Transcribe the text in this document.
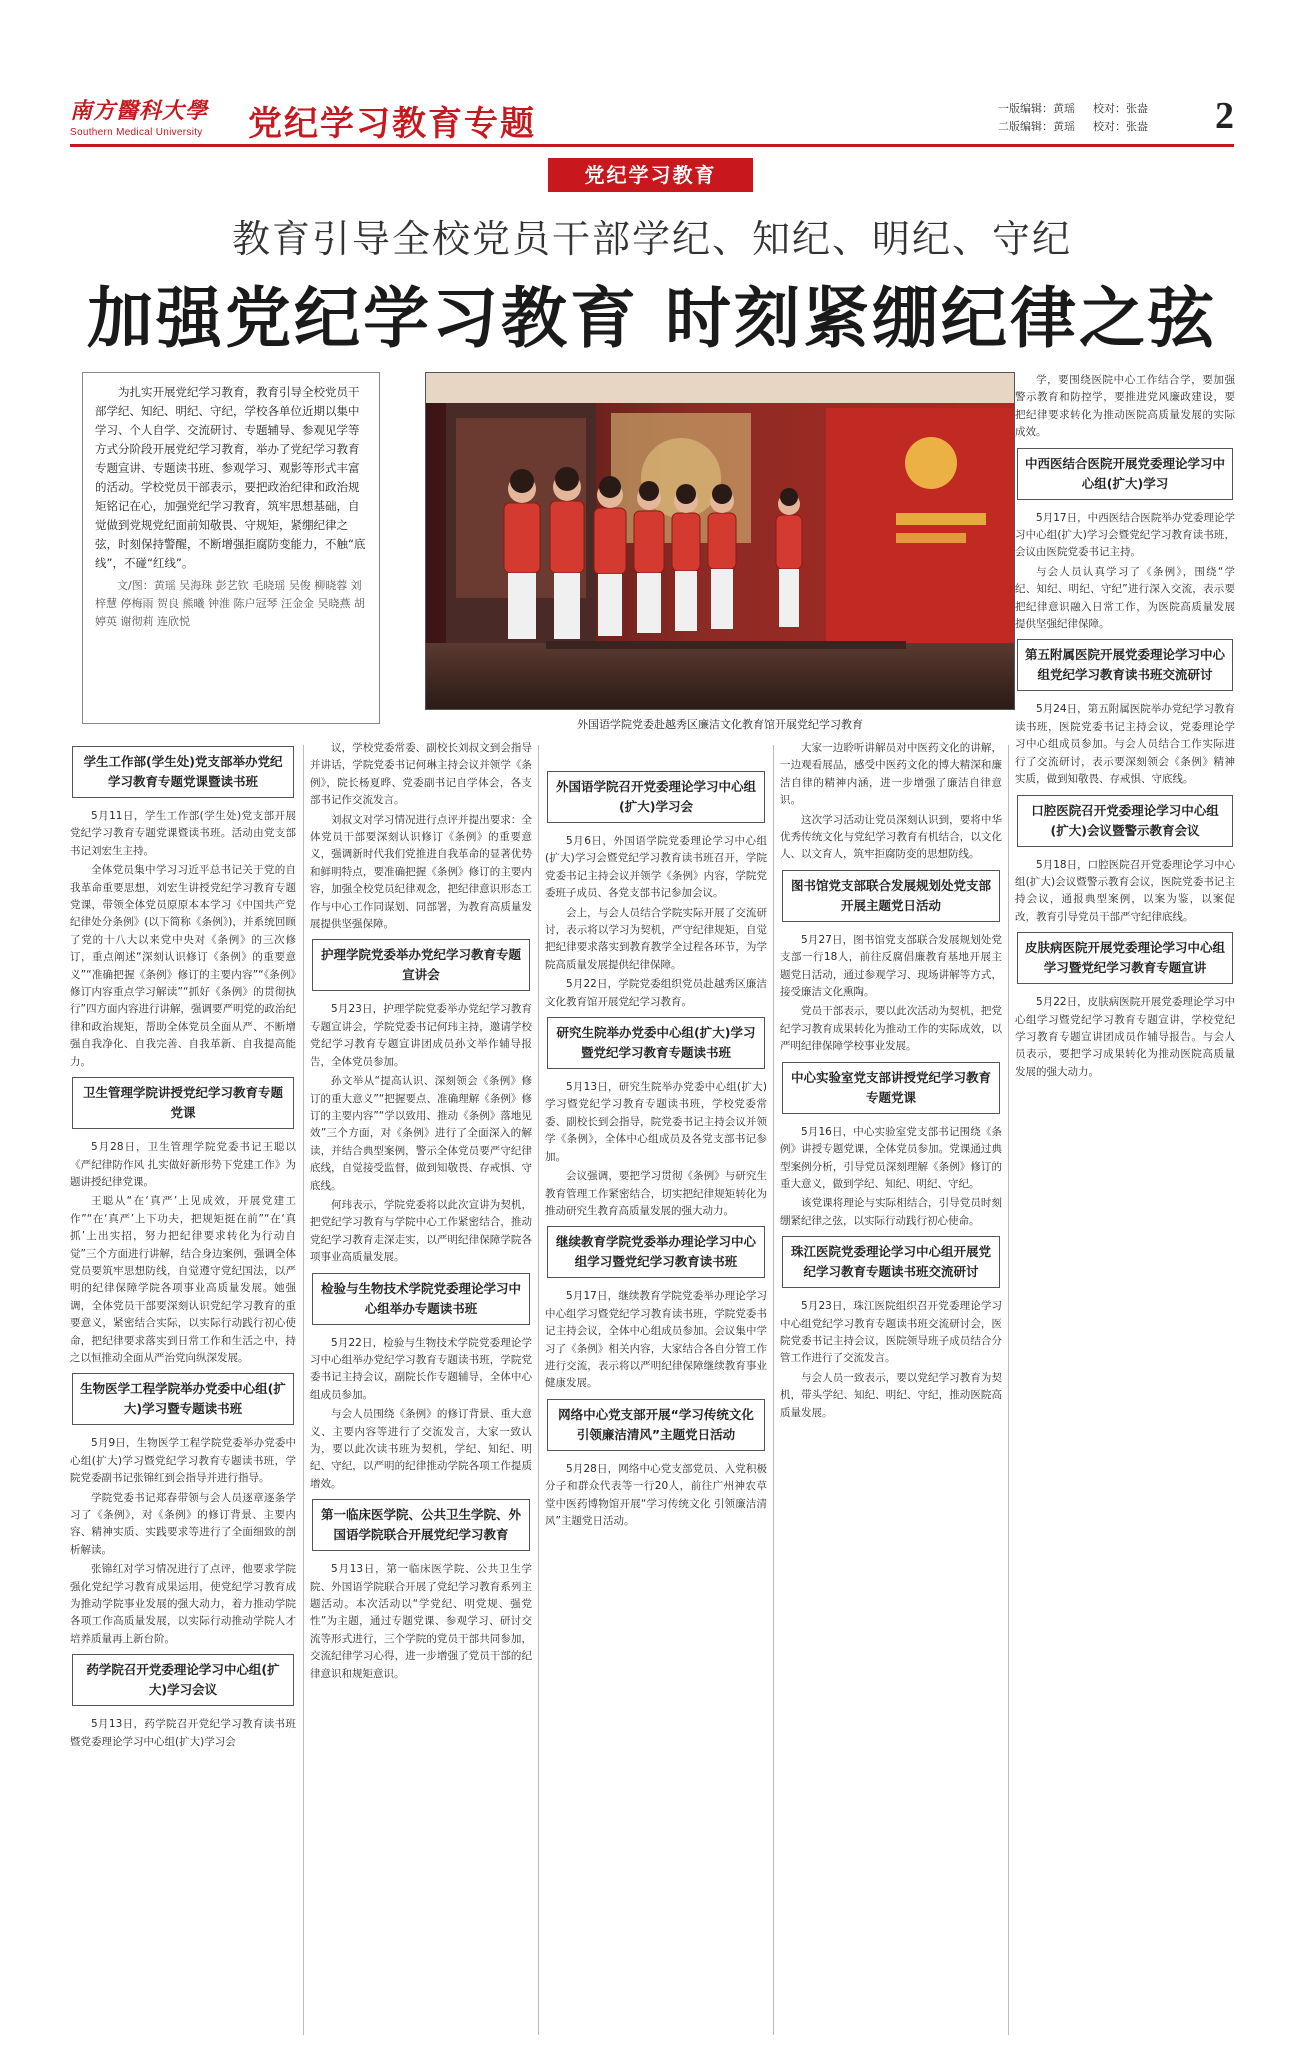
南方醫科大學
Southern Medical University	党纪学习教育专题	一版编辑：黄瑶 校对：张盎
二版编辑：黄瑶 校对：张盎	2
党纪学习教育
教育引导全校党员干部学纪、知纪、明纪、守纪
加强党纪学习教育 时刻紧绷纪律之弦
为扎实开展党纪学习教育，教育引导全校党员干部学纪、知纪、明纪、守纪，学校各单位近期以集中学习、个人自学、交流研讨、专题辅导、参观见学等方式分阶段开展党纪学习教育，举办了党纪学习教育专题宣讲、专题读书班、参观学习、观影等形式丰富的活动。学校党员干部表示，要把政治纪律和政治规矩铭记在心，加强党纪学习教育，筑牢思想基础，自觉做到党规党纪面前知敬畏、守规矩，紧绷纪律之弦，时刻保持警醒，不断增强拒腐防变能力，不触“底线”，不碰“红线”。
文/图：黄瑶 吴海珠 彭艺钦 毛晓瑶 吴俊 柳晓蓉 刘梓慧 停梅雨 贺良 熊曦 钟淮 陈户冠琴 汪金金 吴晓燕 胡婷英 谢彻莉 连欣悦
外国语学院党委赴越秀区廉洁文化教育馆开展党纪学习教育
学生工作部(学生处)党支部举办党纪学习教育专题党课暨读书班

5月11日，学生工作部(学生处)党支部开展党纪学习教育专题党课暨读书班。活动由党支部书记刘宏生主持。

全体党员集中学习习近平总书记关于党的自我革命重要思想，刘宏生讲授党纪学习教育专题党课，带领全体党员原原本本学习《中国共产党纪律处分条例》(以下简称《条例》)，并系统回顾了党的十八大以来党中央对《条例》的三次修订，重点阐述“深刻认识修订《条例》的重要意义”“准确把握《条例》修订的主要内容”“《条例》修订内容重点学习解读”“抓好《条例》的贯彻执行”四方面内容进行讲解，强调要严明党的政治纪律和政治规矩，帮助全体党员全面从严、不断增强自我净化、自我完善、自我革新、自我提高能力。

卫生管理学院讲授党纪学习教育专题党课

5月28日，卫生管理学院党委书记王聪以《严纪律防作风 扎实做好新形势下党建工作》为题讲授纪律党课。

王聪从“在‘真严’上见成效，开展党建工作”“在‘真严’上下功夫，把规矩挺在前”“在‘真抓’上出实招，努力把纪律要求转化为行动自觉”三个方面进行讲解，结合身边案例，强调全体党员要筑牢思想防线，自觉遵守党纪国法，以严明的纪律保障学院各项事业高质量发展。她强调，全体党员干部要深刻认识党纪学习教育的重要意义，紧密结合实际，以实际行动践行初心使命，把纪律要求落实到日常工作和生活之中，持之以恒推动全面从严治党向纵深发展。

生物医学工程学院举办党委中心组(扩大)学习暨专题读书班

5月9日，生物医学工程学院党委举办党委中心组(扩大)学习暨党纪学习教育专题读书班，学院党委副书记张锦红到会指导并进行指导。

学院党委书记郑春带领与会人员逐章逐条学习了《条例》，对《条例》的修订背景、主要内容、精神实质、实践要求等进行了全面细致的剖析解读。

张锦红对学习情况进行了点评，他要求学院强化党纪学习教育成果运用，使党纪学习教育成为推动学院事业发展的强大动力，着力推动学院各项工作高质量发展，以实际行动推动学院人才培养质量再上新台阶。

药学院召开党委理论学习中心组(扩大)学习会议

5月13日，药学院召开党纪学习教育读书班暨党委理论学习中心组(扩大)学习会

议，学校党委常委、副校长刘叔文到会指导并讲话，学院党委书记何琳主持会议并领学《条例》，院长杨夏晔、党委副书记自学体会，各支部书记作交流发言。

刘叔文对学习情况进行点评并提出要求：全体党员干部要深刻认识修订《条例》的重要意义，强调新时代我们党推进自我革命的显著优势和鲜明特点，要准确把握《条例》修订的主要内容，加强全校党员纪律观念，把纪律意识形态工作与中心工作同谋划、同部署，为教育高质量发展提供坚强保障。

护理学院党委举办党纪学习教育专题宣讲会

5月23日，护理学院党委举办党纪学习教育专题宣讲会，学院党委书记何玮主持，邀请学校党纪学习教育专题宣讲团成员孙文举作辅导报告，全体党员参加。

孙文举从“提高认识、深刻领会《条例》修订的重大意义”“把握要点、准确理解《条例》修订的主要内容”“学以致用、推动《条例》落地见效”三个方面，对《条例》进行了全面深入的解读，并结合典型案例，警示全体党员要严守纪律底线，自觉接受监督，做到知敬畏、存戒惧、守底线。

何玮表示，学院党委将以此次宣讲为契机，把党纪学习教育与学院中心工作紧密结合，推动党纪学习教育走深走实，以严明纪律保障学院各项事业高质量发展。

检验与生物技术学院党委理论学习中心组举办专题读书班

5月22日，检验与生物技术学院党委理论学习中心组举办党纪学习教育专题读书班，学院党委书记主持会议，副院长作专题辅导，全体中心组成员参加。

与会人员围绕《条例》的修订背景、重大意义、主要内容等进行了交流发言，大家一致认为，要以此次读书班为契机，学纪、知纪、明纪、守纪，以严明的纪律推动学院各项工作提质增效。

第一临床医学院、公共卫生学院、外国语学院联合开展党纪学习教育

5月13日，第一临床医学院、公共卫生学院、外国语学院联合开展了党纪学习教育系列主题活动。本次活动以“学党纪、明党规、强党性”为主题，通过专题党课、参观学习、研讨交流等形式进行，三个学院的党员干部共同参加，交流纪律学习心得，进一步增强了党员干部的纪律意识和规矩意识。

外国语学院召开党委理论学习中心组(扩大)学习会

5月6日，外国语学院党委理论学习中心组(扩大)学习会暨党纪学习教育读书班召开，学院党委书记主持会议并领学《条例》内容，学院党委班子成员、各党支部书记参加会议。

会上，与会人员结合学院实际开展了交流研讨，表示将以学习为契机，严守纪律规矩，自觉把纪律要求落实到教育教学全过程各环节，为学院高质量发展提供纪律保障。

5月22日，学院党委组织党员赴越秀区廉洁文化教育馆开展党纪学习教育。

研究生院举办党委中心组(扩大)学习暨党纪学习教育专题读书班

5月13日，研究生院举办党委中心组(扩大)学习暨党纪学习教育专题读书班，学校党委常委、副校长到会指导，院党委书记主持会议并领学《条例》，全体中心组成员及各党支部书记参加。

会议强调，要把学习贯彻《条例》与研究生教育管理工作紧密结合，切实把纪律规矩转化为推动研究生教育高质量发展的强大动力。

继续教育学院党委举办理论学习中心组学习暨党纪学习教育读书班

5月17日，继续教育学院党委举办理论学习中心组学习暨党纪学习教育读书班，学院党委书记主持会议，全体中心组成员参加。会议集中学习了《条例》相关内容，大家结合各自分管工作进行交流，表示将以严明纪律保障继续教育事业健康发展。

网络中心党支部开展“学习传统文化 引领廉洁清风”主题党日活动

5月28日，网络中心党支部党员、入党积极分子和群众代表等一行20人，前往广州神农草堂中医药博物馆开展“学习传统文化 引领廉洁清风”主题党日活动。

大家一边聆听讲解员对中医药文化的讲解，一边观看展品，感受中医药文化的博大精深和廉洁自律的精神内涵，进一步增强了廉洁自律意识。

这次学习活动让党员深刻认识到，要将中华优秀传统文化与党纪学习教育有机结合，以文化人、以文育人，筑牢拒腐防变的思想防线。

图书馆党支部联合发展规划处党支部开展主题党日活动

5月27日，图书馆党支部联合发展规划处党支部一行18人，前往反腐倡廉教育基地开展主题党日活动，通过参观学习、现场讲解等方式，接受廉洁文化熏陶。

党员干部表示，要以此次活动为契机，把党纪学习教育成果转化为推动工作的实际成效，以严明纪律保障学校事业发展。

中心实验室党支部讲授党纪学习教育专题党课

5月16日，中心实验室党支部书记围绕《条例》讲授专题党课，全体党员参加。党课通过典型案例分析，引导党员深刻理解《条例》修订的重大意义，做到学纪、知纪、明纪、守纪。

该党课将理论与实际相结合，引导党员时刻绷紧纪律之弦，以实际行动践行初心使命。

珠江医院党委理论学习中心组开展党纪学习教育专题读书班交流研讨

5月23日，珠江医院组织召开党委理论学习中心组党纪学习教育专题读书班交流研讨会，医院党委书记主持会议，医院领导班子成员结合分管工作进行了交流发言。

与会人员一致表示，要以党纪学习教育为契机，带头学纪、知纪、明纪、守纪，推动医院高质量发展。

学，要围绕医院中心工作结合学，要加强警示教育和防控学，要推进党风廉政建设，要把纪律要求转化为推动医院高质量发展的实际成效。

中西医结合医院开展党委理论学习中心组(扩大)学习

5月17日，中西医结合医院举办党委理论学习中心组(扩大)学习会暨党纪学习教育读书班，会议由医院党委书记主持。

与会人员认真学习了《条例》，围绕“学纪、知纪、明纪、守纪”进行深入交流，表示要把纪律意识融入日常工作，为医院高质量发展提供坚强纪律保障。

第五附属医院开展党委理论学习中心组党纪学习教育读书班交流研讨

5月24日，第五附属医院举办党纪学习教育读书班，医院党委书记主持会议，党委理论学习中心组成员参加。与会人员结合工作实际进行了交流研讨，表示要深刻领会《条例》精神实质，做到知敬畏、存戒惧、守底线。

口腔医院召开党委理论学习中心组(扩大)会议暨警示教育会议

5月18日，口腔医院召开党委理论学习中心组(扩大)会议暨警示教育会议，医院党委书记主持会议，通报典型案例，以案为鉴，以案促改，教育引导党员干部严守纪律底线。

皮肤病医院开展党委理论学习中心组学习暨党纪学习教育专题宣讲

5月22日，皮肤病医院开展党委理论学习中心组学习暨党纪学习教育专题宣讲，学校党纪学习教育专题宣讲团成员作辅导报告。与会人员表示，要把学习成果转化为推动医院高质量发展的强大动力。
